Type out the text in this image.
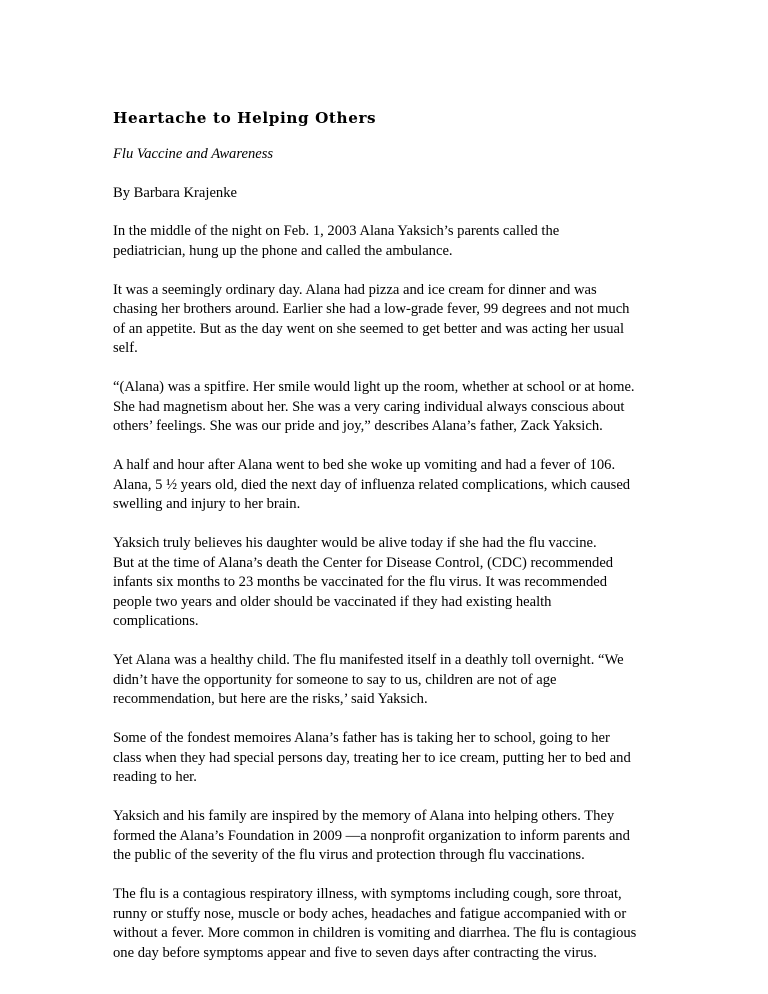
Heartache to Helping Others
Flu Vaccine and Awareness
By Barbara Krajenke
In the middle of the night on Feb. 1, 2003 Alana Yaksich’s parents called the
pediatrician, hung up the phone and called the ambulance.
It was a seemingly ordinary day. Alana had pizza and ice cream for dinner and was
chasing her brothers around. Earlier she had a low-grade fever, 99 degrees and not much
of an appetite. But as the day went on she seemed to get better and was acting her usual
self.
“(Alana) was a spitfire. Her smile would light up the room, whether at school or at home.
She had magnetism about her. She was a very caring individual always conscious about
others’ feelings. She was our pride and joy,” describes Alana’s father, Zack Yaksich.
A half and hour after Alana went to bed she woke up vomiting and had a fever of 106.
Alana, 5 ½ years old, died the next day of influenza related complications, which caused
swelling and injury to her brain.
Yaksich truly believes his daughter would be alive today if she had the flu vaccine.
But at the time of Alana’s death the Center for Disease Control, (CDC) recommended
infants six months to 23 months be vaccinated for the flu virus. It was recommended
people two years and older should be vaccinated if they had existing health
complications.
Yet Alana was a healthy child. The flu manifested itself in a deathly toll overnight. “We
didn’t have the opportunity for someone to say to us, children are not of age
recommendation, but here are the risks,’ said Yaksich.
Some of the fondest memoires Alana’s father has is taking her to school, going to her
class when they had special persons day, treating her to ice cream, putting her to bed and
reading to her.
Yaksich and his family are inspired by the memory of Alana into helping others. They
formed the Alana’s Foundation in 2009 —a nonprofit organization to inform parents and
the public of the severity of the flu virus and protection through flu vaccinations.
The flu is a contagious respiratory illness, with symptoms including cough, sore throat,
runny or stuffy nose, muscle or body aches, headaches and fatigue accompanied with or
without a fever. More common in children is vomiting and diarrhea. The flu is contagious
one day before symptoms appear and five to seven days after contracting the virus.
